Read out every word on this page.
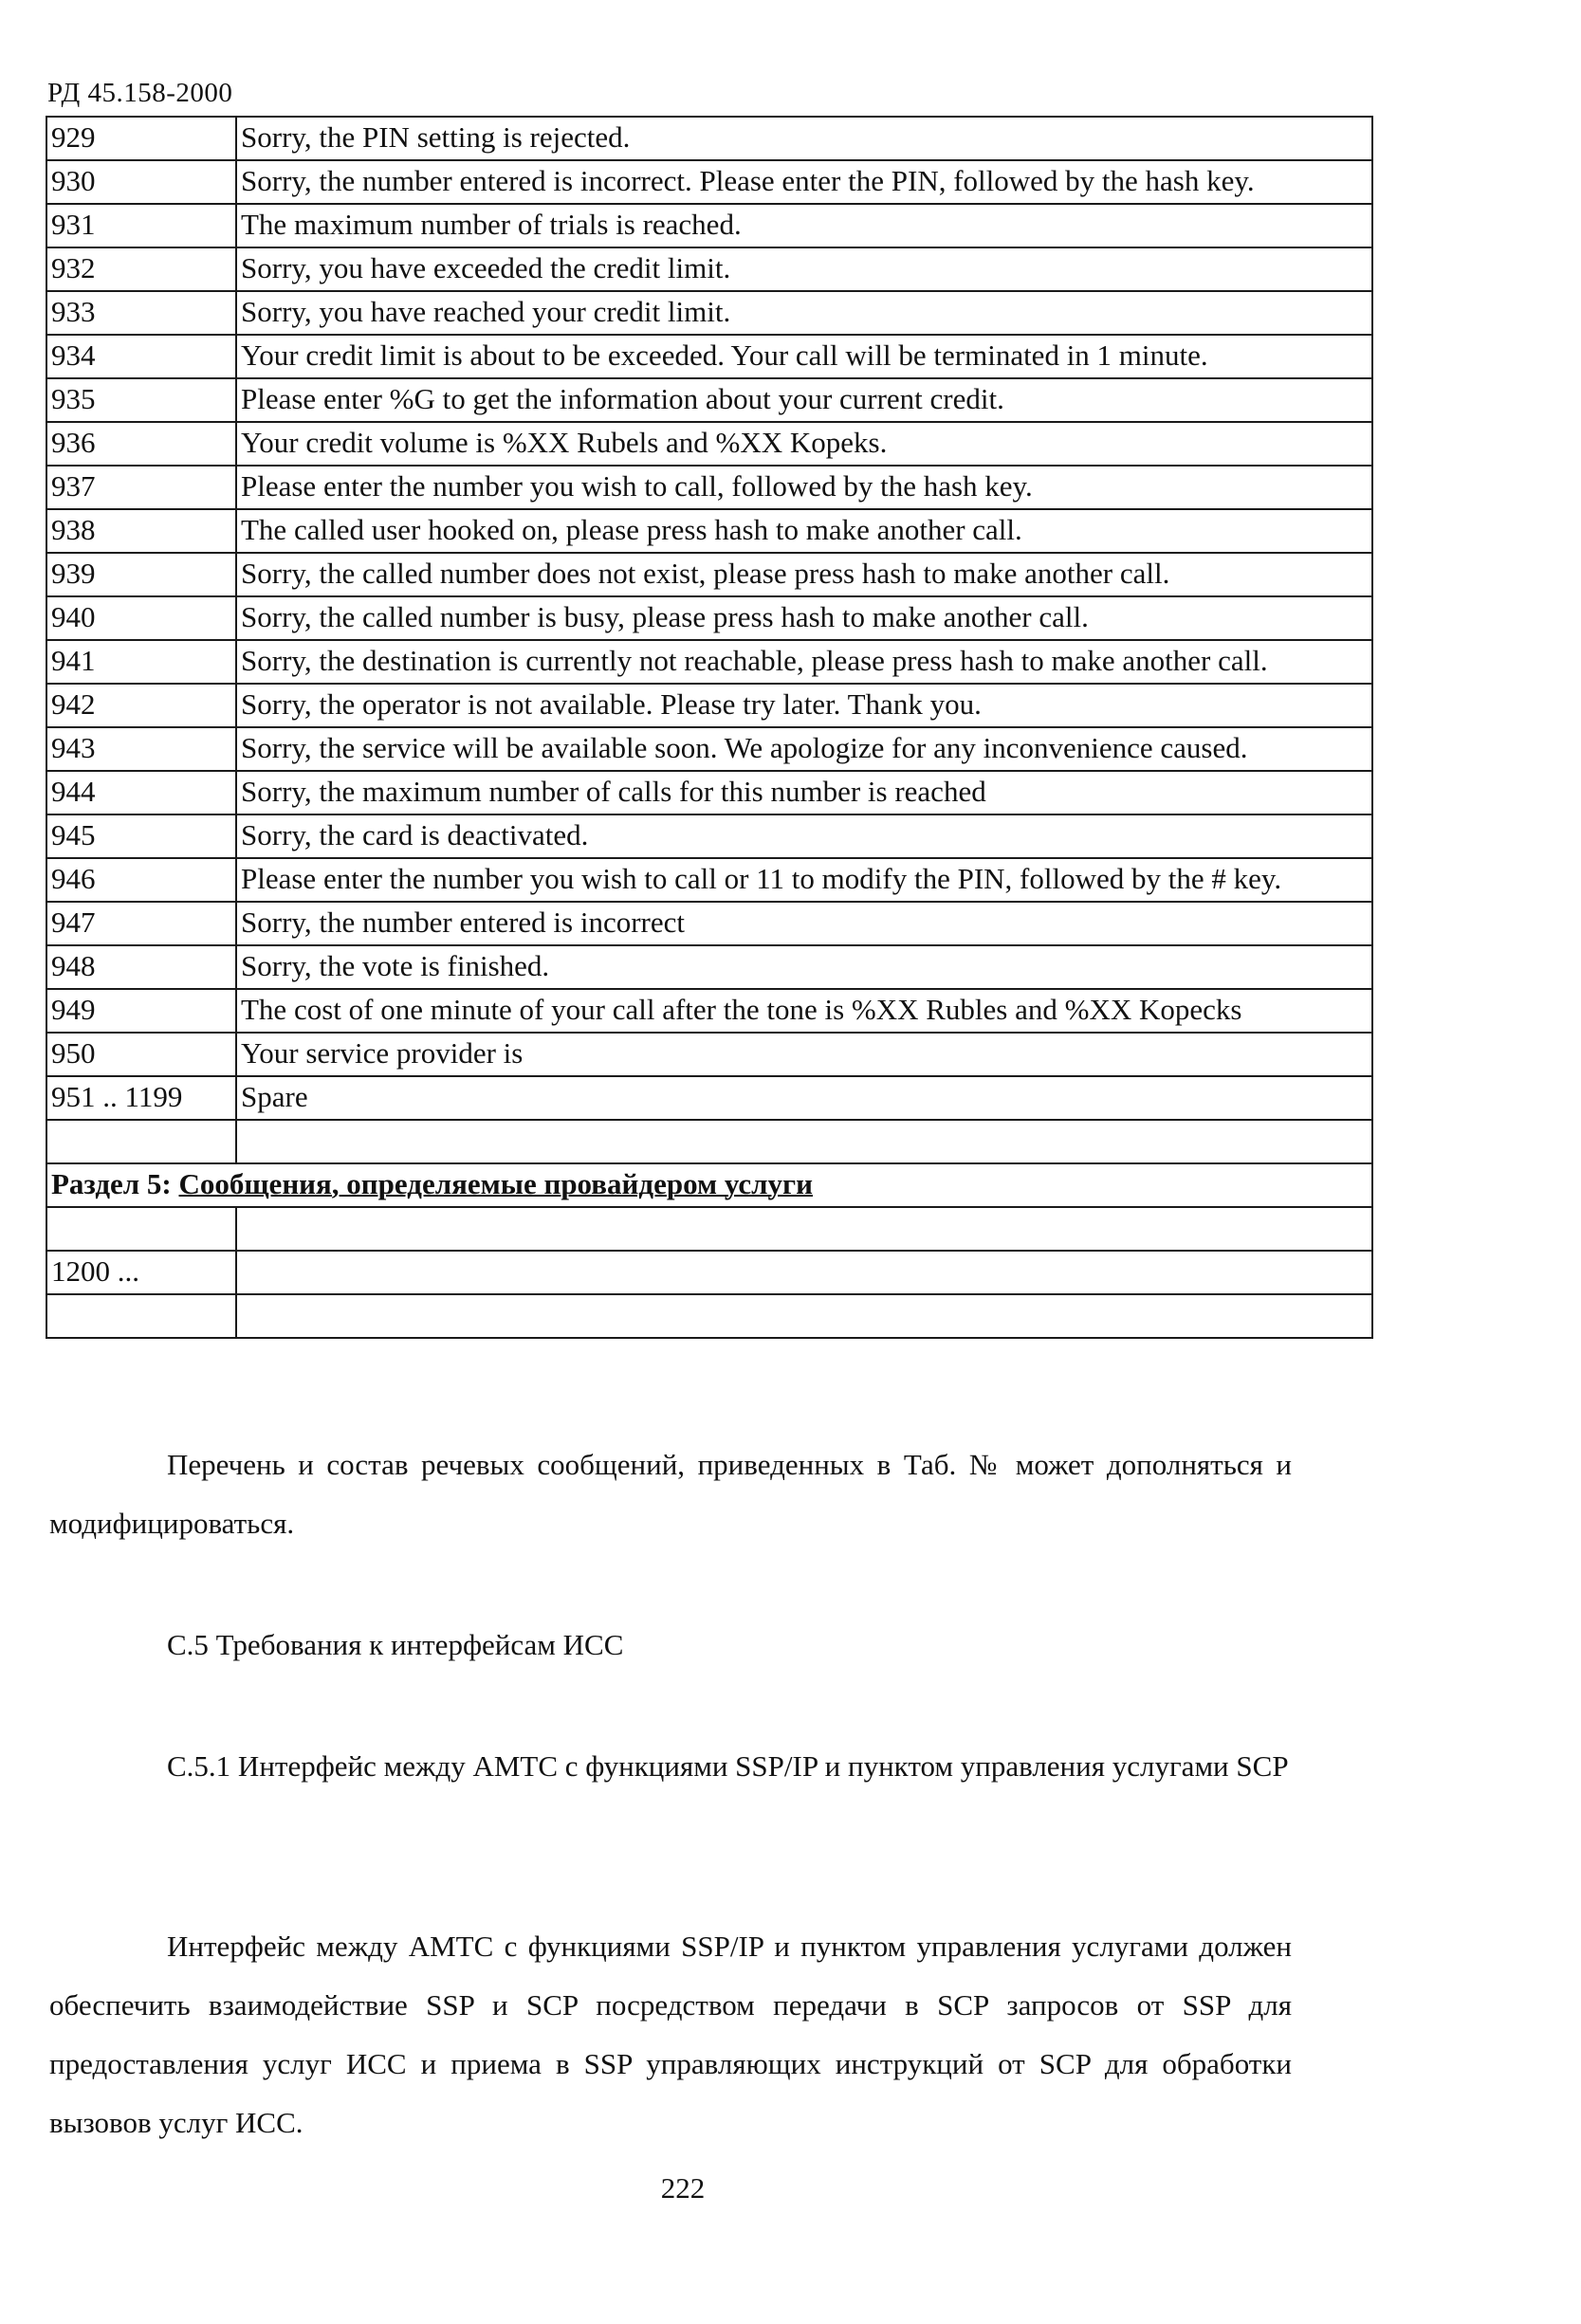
РД 45.158-2000
929	Sorry, the PIN setting is rejected.
930	Sorry, the number entered is incorrect. Please enter the PIN, followed by the hash key.
931	The maximum number of trials is reached.
932	Sorry, you have exceeded the credit limit.
933	Sorry, you have reached your credit limit.
934	Your credit limit is about to be exceeded. Your call will be terminated in 1 minute.
935	Please enter %G to get the information about your current credit.
936	Your credit volume is %XX Rubels and %XX Kopeks.
937	Please enter the number you wish to call, followed by the hash key.
938	The called user hooked on, please press hash to make another call.
939	Sorry, the called number does not exist, please press hash to make another call.
940	Sorry, the called number is busy, please press hash to make another call.
941	Sorry, the destination is currently not reachable, please press hash to make another call.
942	Sorry, the operator is not available. Please try later. Thank you.
943	Sorry, the service will be available soon. We apologize for any inconvenience caused.
944	Sorry, the maximum number of calls for this number is reached
945	Sorry, the card is deactivated.
946	Please enter the number you wish to call or 11 to modify the PIN, followed by the # key.
947	Sorry, the number entered is incorrect
948	Sorry, the vote is finished.
949	The cost of one minute of your call after the tone is %XX Rubles and %XX Kopecks
950	Your service provider is
951 .. 1199	Spare

Раздел 5: Сообщения, определяемые провайдером услуги	

1200 ...	

Перечень и состав речевых сообщений, приведенных в Таб. № может дополняться и модифицироваться.

С.5 Требования к интерфейсам ИСС

С.5.1 Интерфейс между АМТС с функциями SSP/IP и пунктом управления услугами SCP

Интерфейс между АМТС с функциями SSP/IP и пунктом управления услугами должен обеспечить взаимодействие SSP и SCP посредством передачи в SCP запросов от SSP для предоставления услуг ИСС и приема в SSP управляющих инструкций от SCP для обработки вызовов услуг ИСС.

222
